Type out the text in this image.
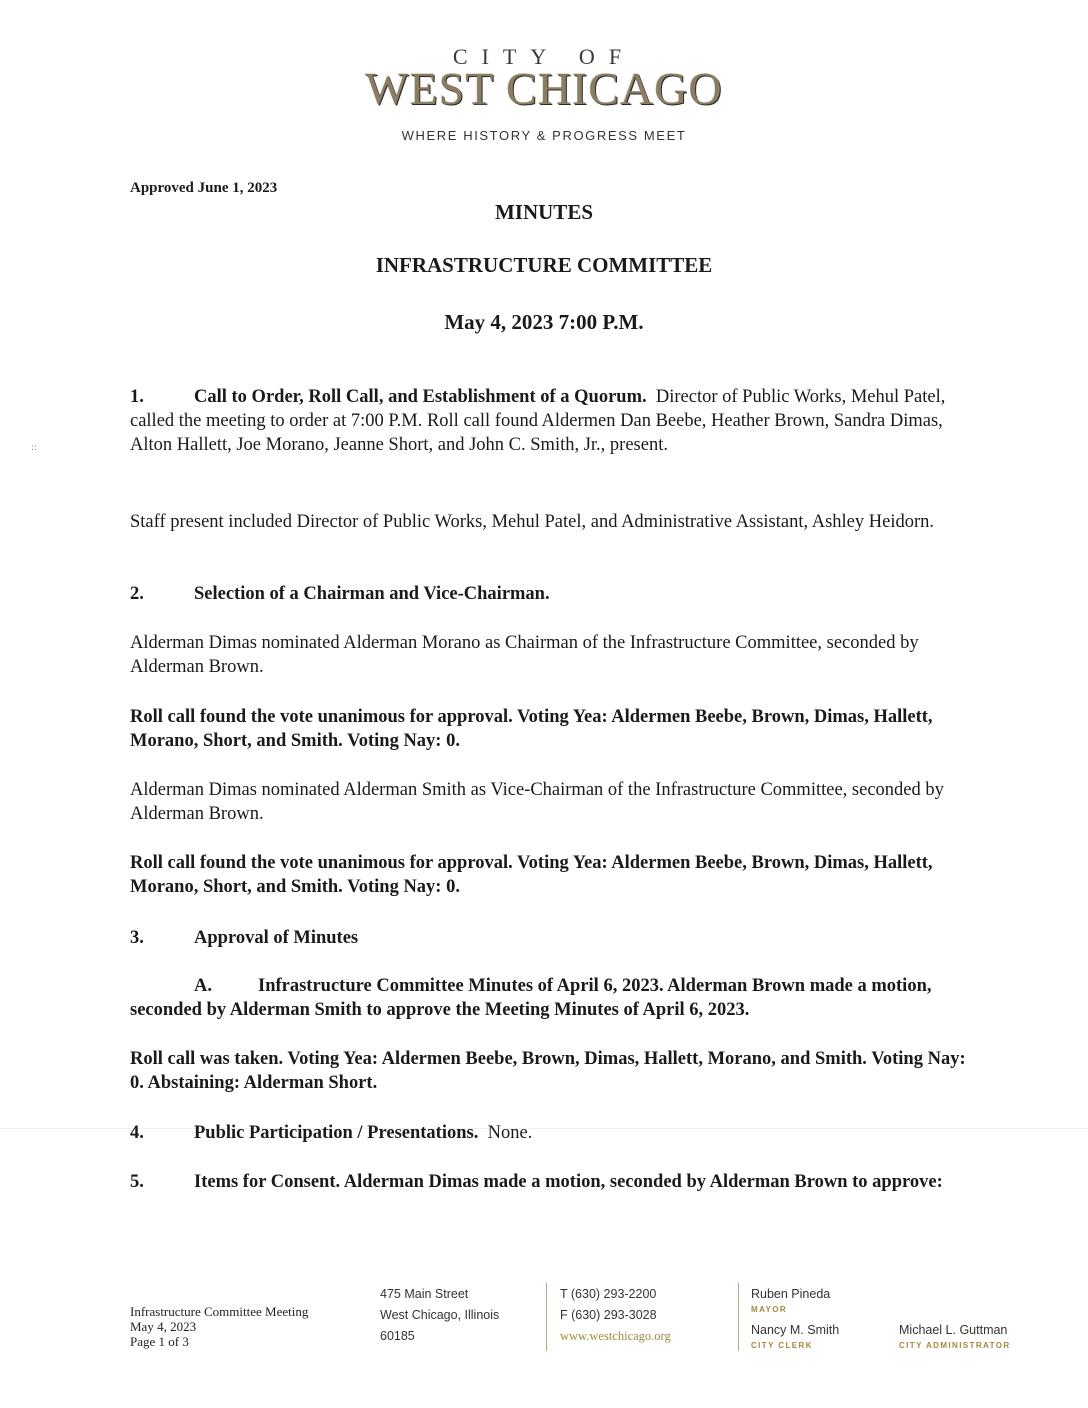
CITY OF
WEST CHICAGO
WHERE HISTORY & PROGRESS MEET
Approved June 1, 2023
MINUTES
INFRASTRUCTURE COMMITTEE
May 4, 2023 7:00 P.M.
::
1.	Call to Order, Roll Call, and Establishment of a Quorum. Director of Public Works, Mehul Patel, called the meeting to order at 7:00 P.M. Roll call found Aldermen Dan Beebe, Heather Brown, Sandra Dimas, Alton Hallett, Joe Morano, Jeanne Short, and John C. Smith, Jr., present.
Staff present included Director of Public Works, Mehul Patel, and Administrative Assistant, Ashley Heidorn.
2.	Selection of a Chairman and Vice-Chairman.
Alderman Dimas nominated Alderman Morano as Chairman of the Infrastructure Committee, seconded by Alderman Brown.
Roll call found the vote unanimous for approval. Voting Yea: Aldermen Beebe, Brown, Dimas, Hallett, Morano, Short, and Smith. Voting Nay: 0.
Alderman Dimas nominated Alderman Smith as Vice-Chairman of the Infrastructure Committee, seconded by Alderman Brown.
Roll call found the vote unanimous for approval. Voting Yea: Aldermen Beebe, Brown, Dimas, Hallett, Morano, Short, and Smith. Voting Nay: 0.
3.	Approval of Minutes
A. Infrastructure Committee Minutes of April 6, 2023. Alderman Brown made a motion, seconded by Alderman Smith to approve the Meeting Minutes of April 6, 2023.
Roll call was taken. Voting Yea: Aldermen Beebe, Brown, Dimas, Hallett, Morano, and Smith. Voting Nay: 0. Abstaining: Alderman Short.
4.	Public Participation / Presentations. None.
5.	Items for Consent. Alderman Dimas made a motion, seconded by Alderman Brown to approve:
Infrastructure Committee Meeting
May 4, 2023
Page 1 of 3
475 Main Street
West Chicago, Illinois
60185
T (630) 293-2200
F (630) 293-3028
www.westchicago.org
Ruben Pineda
MAYOR
Nancy M. Smith
CITY CLERK
Michael L. Guttman
CITY ADMINISTRATOR
